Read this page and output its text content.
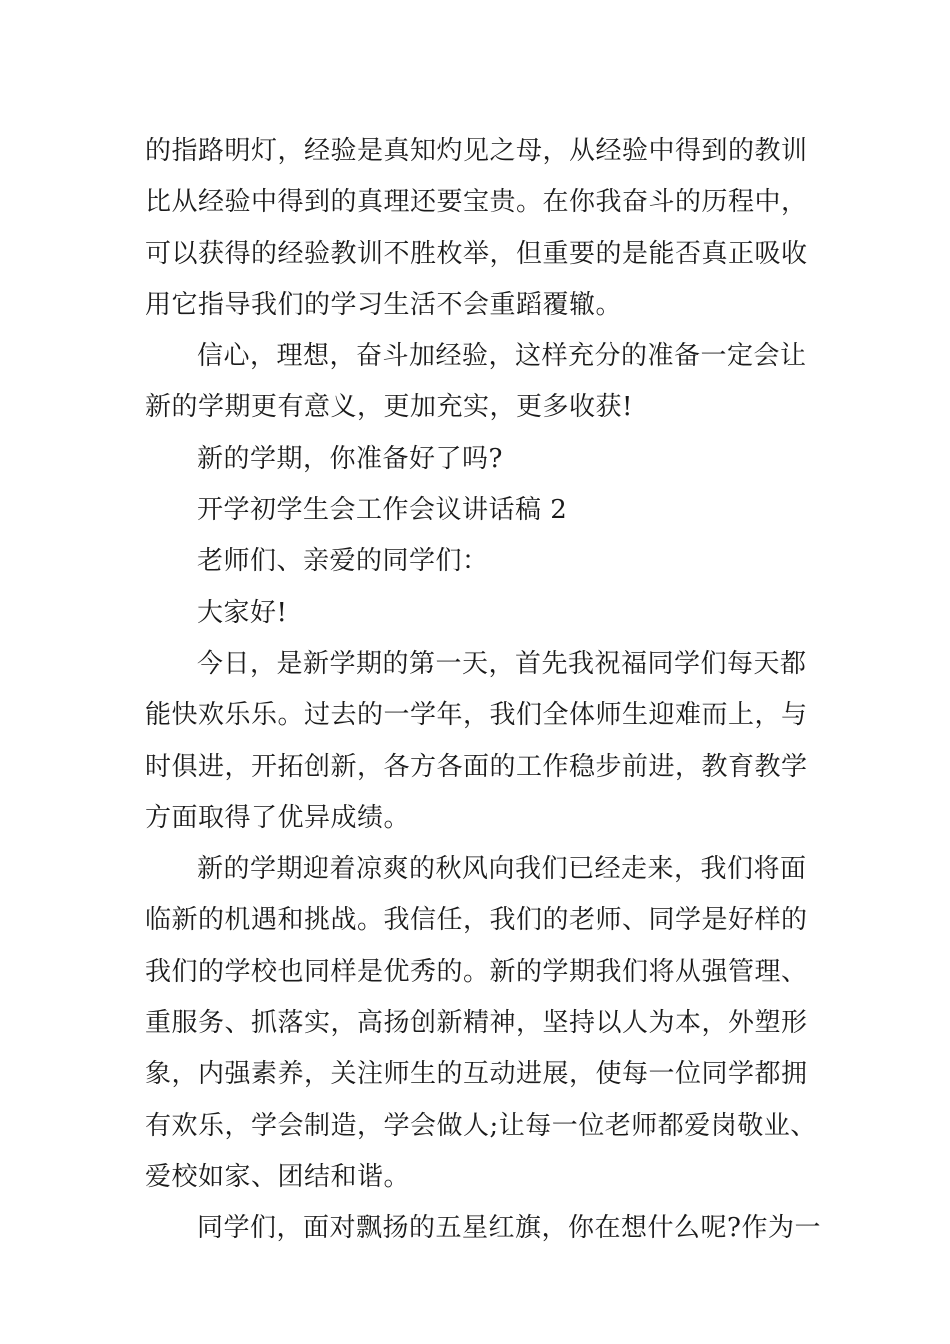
的指路明灯，经验是真知灼见之母，从经验中得到的教训
比从经验中得到的真理还要宝贵。在你我奋斗的历程中，
可以获得的经验教训不胜枚举，但重要的是能否真正吸收
用它指导我们的学习生活不会重蹈覆辙。
信心，理想，奋斗加经验，这样充分的准备一定会让
新的学期更有意义，更加充实，更多收获!
新的学期，你准备好了吗?
开学初学生会工作会议讲话稿 2
老师们、亲爱的同学们：
大家好!
今日，是新学期的第一天，首先我祝福同学们每天都
能快欢乐乐。过去的一学年，我们全体师生迎难而上，与
时俱进，开拓创新，各方各面的工作稳步前进，教育教学
方面取得了优异成绩。
新的学期迎着凉爽的秋风向我们已经走来，我们将面
临新的机遇和挑战。我信任，我们的老师、同学是好样的
我们的学校也同样是优秀的。新的学期我们将从强管理、
重服务、抓落实，高扬创新精神，坚持以人为本，外塑形
象，内强素养，关注师生的互动进展，使每一位同学都拥
有欢乐，学会制造，学会做人;让每一位老师都爱岗敬业、
爱校如家、团结和谐。
同学们，面对飘扬的五星红旗，你在想什么呢?作为一
